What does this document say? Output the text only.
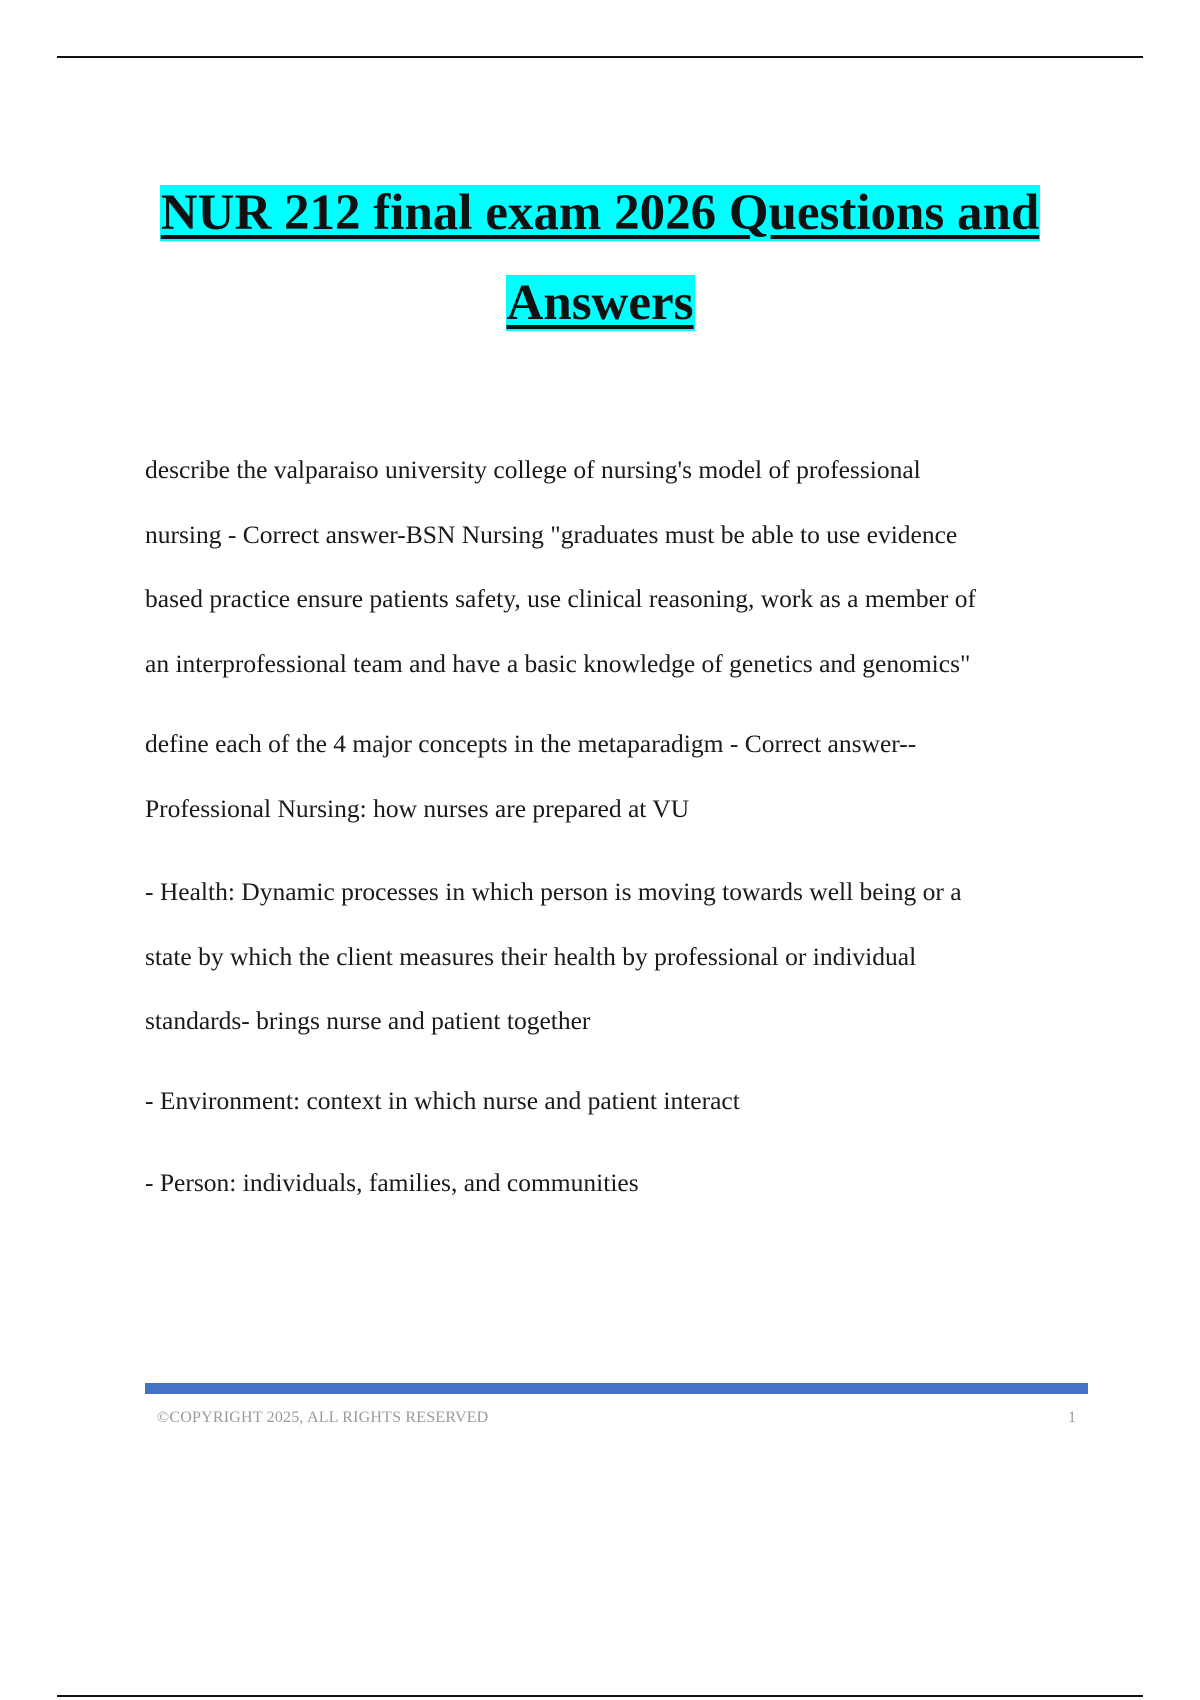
NUR 212 final exam 2026 Questions and
Answers

describe the valparaiso university college of nursing's model of professional
nursing - Correct answer-BSN Nursing "graduates must be able to use evidence
based practice ensure patients safety, use clinical reasoning, work as a member of
an interprofessional team and have a basic knowledge of genetics and genomics"

define each of the 4 major concepts in the metaparadigm - Correct answer--
Professional Nursing: how nurses are prepared at VU

- Health: Dynamic processes in which person is moving towards well being or a
state by which the client measures their health by professional or individual
standards- brings nurse and patient together

- Environment: context in which nurse and patient interact

- Person: individuals, families, and communities

©COPYRIGHT 2025, ALL RIGHTS RESERVED	1
